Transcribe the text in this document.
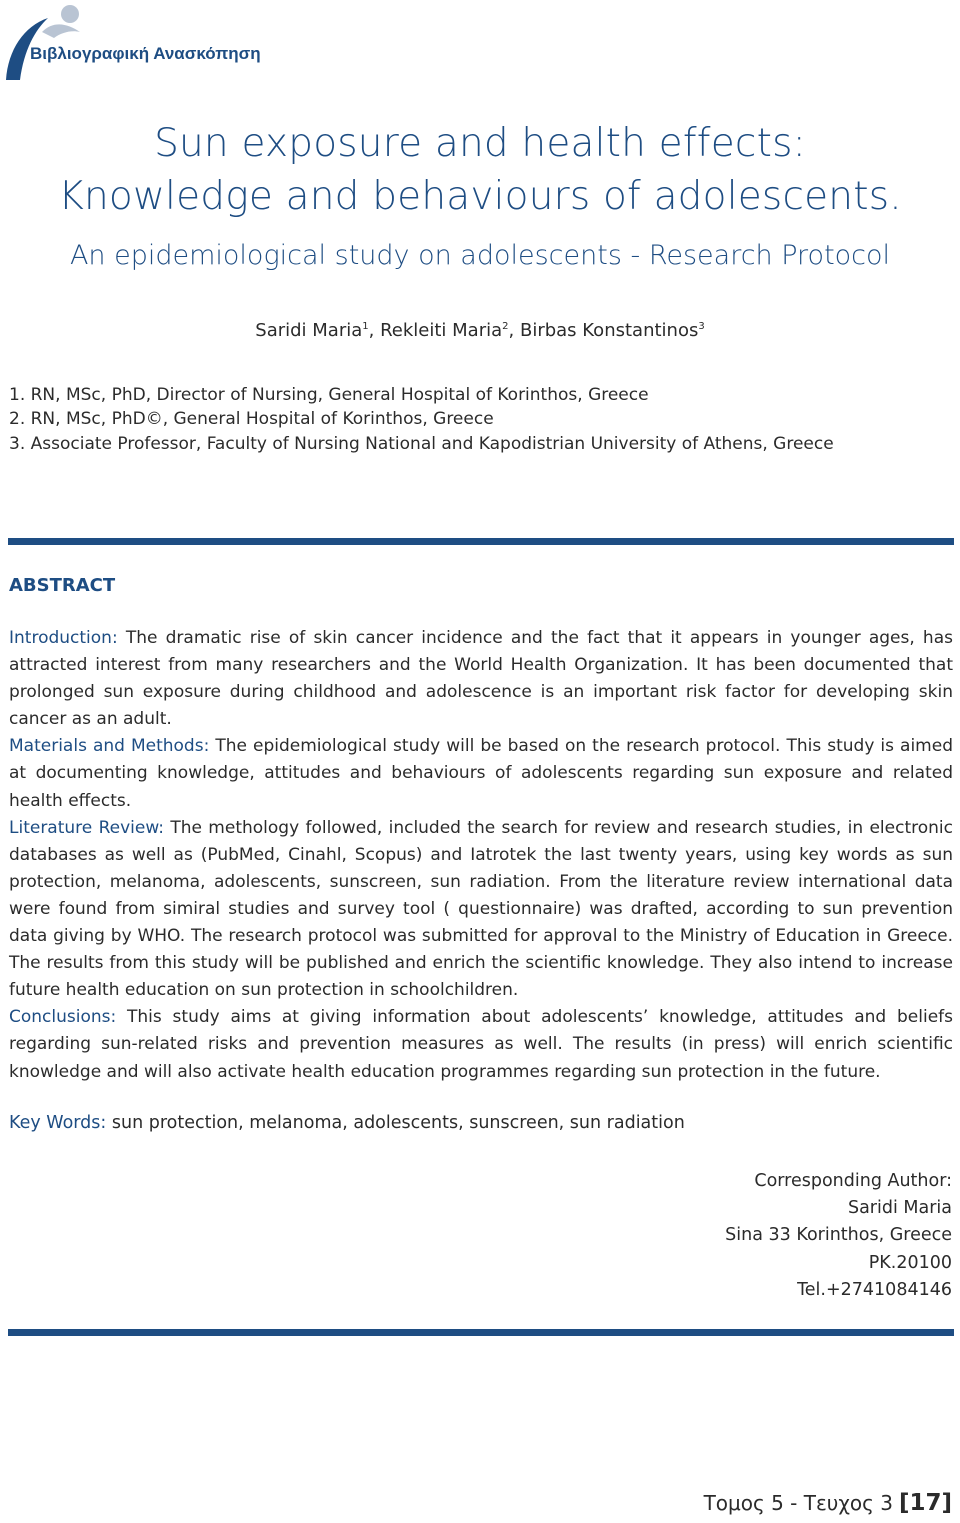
Βιβλιογραφική Ανασκόπηση
Sun exposure and health effects:
Knowledge and behaviours of adolescents.
An epidemiological study on adolescents - Research Protocol
Saridi Maria$^1$, Rekleiti Maria$^2$, Birbas Konstantinos$^3$
1. RN, MSc, PhD, Director of Nursing, General Hospital of Korinthos, Greece
2. RN, MSc, PhD©, General Hospital of Korinthos, Greece
3. Associate Professor, Faculty of Nursing National and Kapodistrian University of Athens, Greece
ABSTRACT

Introduction: The dramatic rise of skin cancer incidence and the fact that it appears in younger ages, has attracted interest from many researchers and the World Health Organization. It has been documented that prolonged sun exposure during childhood and adolescence is an important risk factor for developing skin cancer as an adult.

Materials and Methods: The epidemiological study will be based on the research protocol. This study is aimed at documenting knowledge, attitudes and behaviours of adolescents regarding sun exposure and related health effects.

Literature Review: The methology followed, included the search for review and research studies, in electronic databases as well as (PubMed, Cinahl, Scopus) and Iatrotek the last twenty years, using key words as sun protection, melanoma, adolescents, sunscreen, sun radiation. From the literature review international data were found from simiral studies and survey tool ( questionnaire) was drafted, according to sun prevention data giving by WHO. The research protocol was submitted for approval to the Ministry of Education in Greece. The results from this study will be published and enrich the scientific knowledge. They also intend to increase future health education on sun protection in schoolchildren.

Conclusions: This study aims at giving information about adolescents’ knowledge, attitudes and beliefs regarding sun-related risks and prevention measures as well. The results (in press) will enrich scientific knowledge and will also activate health education programmes regarding sun protection in the future.

Key Words: sun protection, melanoma, adolescents, sunscreen, sun radiation
Corresponding Author:
Saridi Maria
Sina 33 Korinthos, Greece
PK.20100
Tel.+2741084146
Τομος 5 - Τευχος 3 [17]
